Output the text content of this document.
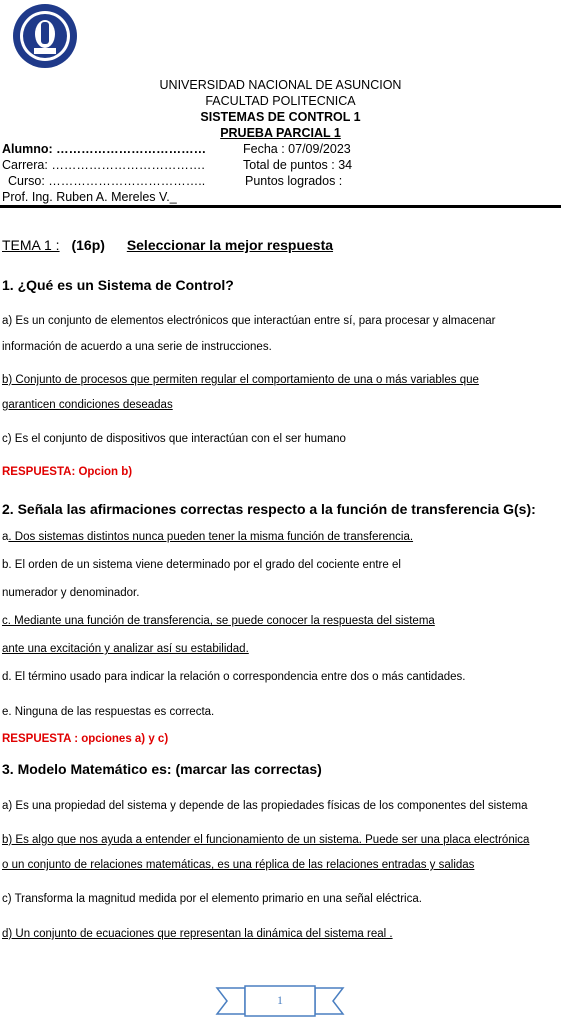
UNIVERSIDAD NACIONAL DE ASUNCION
FACULTAD POLITECNICA
SISTEMAS DE CONTROL 1
PRUEBA PARCIAL 1
Alumno: ………………………………	Fecha : 07/09/2023
Carrera: ……………………………….	Total de puntos : 34
Curso: ………………………………..	Puntos logrados :
Prof. Ing. Ruben A. Mereles V._
TEMA 1 : (16p) Seleccionar la mejor respuesta
1. ¿Qué es un Sistema de Control?
a) Es un conjunto de elementos electrónicos que interactúan entre sí, para procesar y almacenar
información de acuerdo a una serie de instrucciones.
b) Conjunto de procesos que permiten regular el comportamiento de una o más variables que
garanticen condiciones deseadas
c) Es el conjunto de dispositivos que interactúan con el ser humano
RESPUESTA: Opcion b)
2. Señala las afirmaciones correctas respecto a la función de transferencia G(s):
a. Dos sistemas distintos nunca pueden tener la misma función de transferencia.
b. El orden de un sistema viene determinado por el grado del cociente entre el
numerador y denominador.
c. Mediante una función de transferencia, se puede conocer la respuesta del sistema
ante una excitación y analizar así su estabilidad.
d. El término usado para indicar la relación o correspondencia entre dos o más cantidades.
e. Ninguna de las respuestas es correcta.
RESPUESTA : opciones a) y c)
3. Modelo Matemático es: (marcar las correctas)
a) Es una propiedad del sistema y depende de las propiedades físicas de los componentes del sistema
b) Es algo que nos ayuda a entender el funcionamiento de un sistema. Puede ser una placa electrónica
o un conjunto de relaciones matemáticas, es una réplica de las relaciones entradas y salidas
c) Transforma la magnitud medida por el elemento primario en una señal eléctrica.
d) Un conjunto de ecuaciones que representan la dinámica del sistema real .
1
